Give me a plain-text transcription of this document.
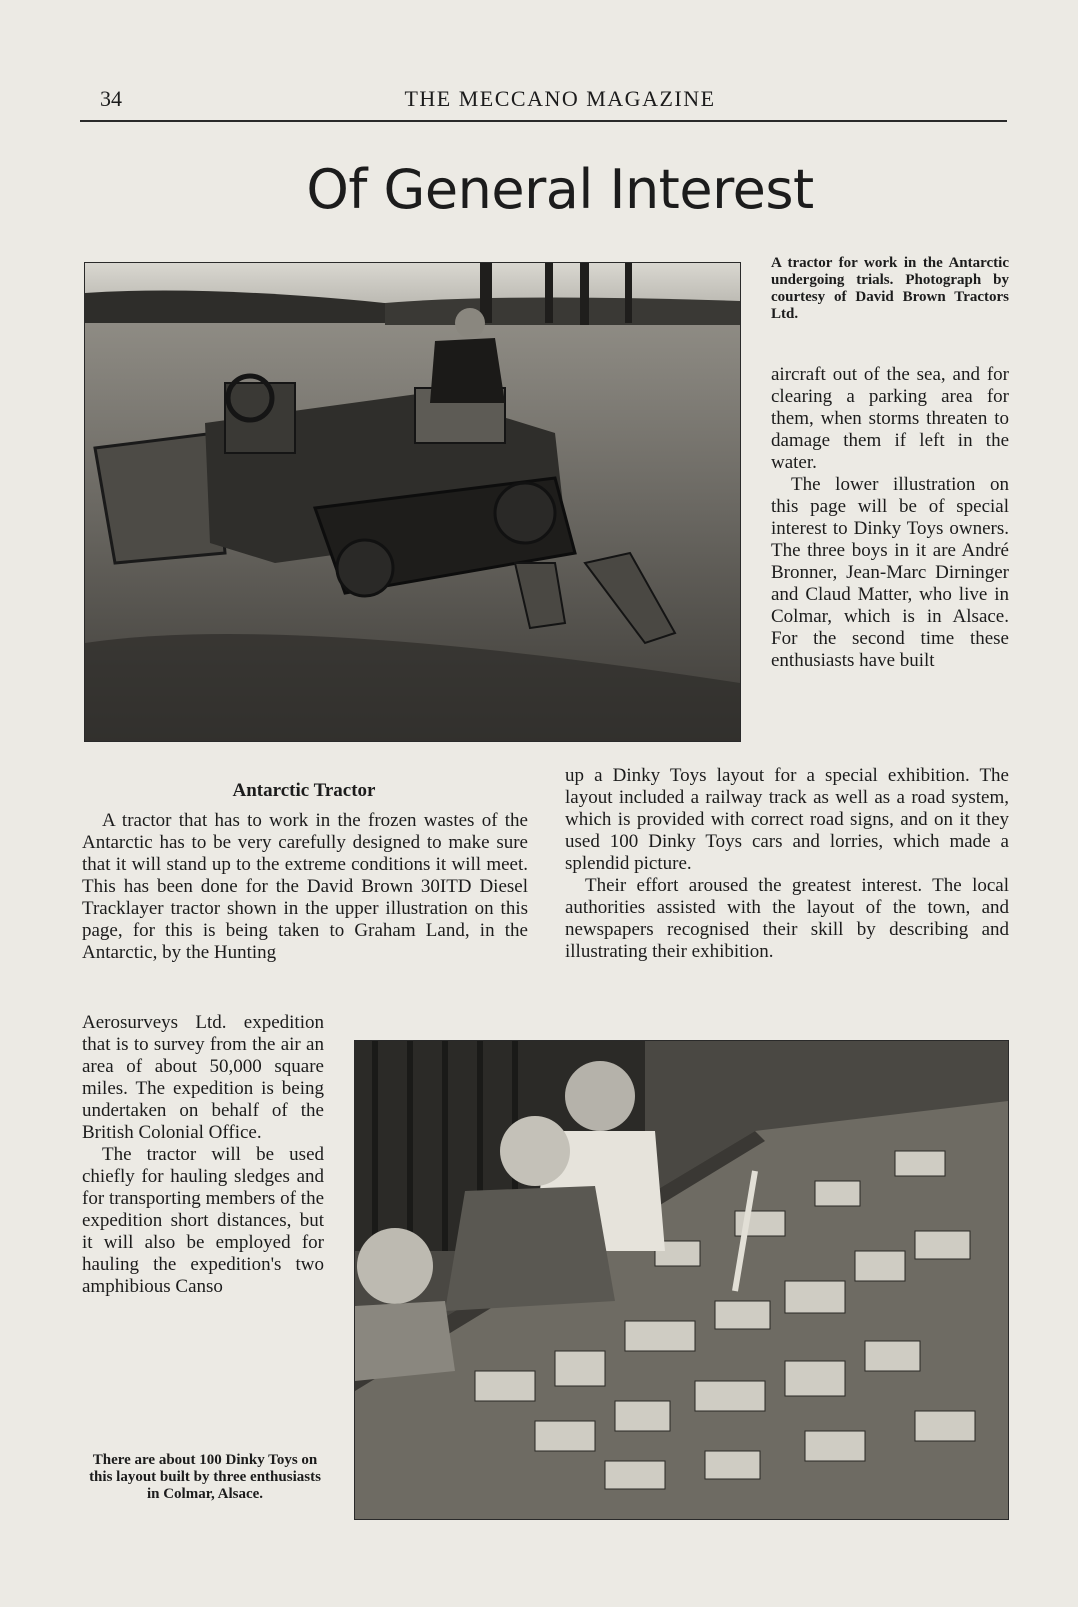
34	THE MECCANO MAGAZINE
Of General Interest
A tractor for work in the Antarctic undergoing trials. Photograph by courtesy of David Brown Tractors Ltd.

aircraft out of the sea, and for clearing a parking area for them, when storms threaten to damage them if left in the water.

The lower illustration on this page will be of special interest to Dinky Toys owners. The three boys in it are André Bronner, Jean-Marc Dirninger and Claud Matter, who live in Colmar, which is in Alsace. For the second time these enthusiasts have built

Antarctic Tractor

A tractor that has to work in the frozen wastes of the Antarctic has to be very carefully designed to make sure that it will stand up to the extreme conditions it will meet. This has been done for the David Brown 30ITD Diesel Tracklayer tractor shown in the upper illustration on this page, for this is being taken to Graham Land, in the Antarctic, by the Hunting

up a Dinky Toys layout for a special exhibition. The layout included a railway track as well as a road system, which is provided with correct road signs, and on it they used 100 Dinky Toys cars and lorries, which made a splendid picture.

Their effort aroused the greatest interest. The local authorities assisted with the layout of the town, and newspapers recognised their skill by describing and illustrating their exhibition.

Aerosurveys Ltd. expedition that is to survey from the air an area of about 50,000 square miles. The expedition is being undertaken on behalf of the British Colonial Office.

The tractor will be used chiefly for hauling sledges and for transporting members of the expedition short distances, but it will also be employed for hauling the expedition's two amphibious Canso

There are about 100 Dinky Toys on this layout built by three enthusiasts in Colmar, Alsace.
